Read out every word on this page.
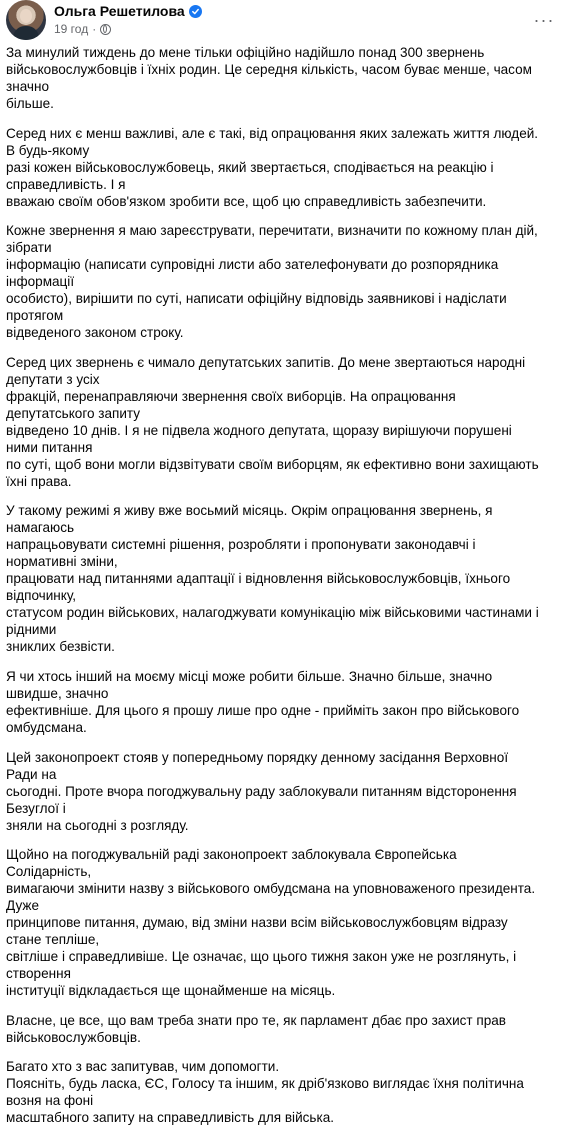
Ольга Решетилова
19 год ·	···

За минулий тиждень до мене тільки офіційно надійшло понад 300 звернень
військовослужбовців і їхніх родин. Це середня кількість, часом буває менше, часом значно
більше.

Серед них є менш важливі, але є такі, від опрацювання яких залежать життя людей. В будь-якому
разі кожен військовослужбовець, який звертається, сподівається на реакцію і справедливість. І я
вважаю своїм обов'язком зробити все, щоб цю справедливість забезпечити.

Кожне звернення я маю зареєструвати, перечитати, визначити по кожному план дій, зібрати
інформацію (написати супровідні листи або зателефонувати до розпорядника інформації
особисто), вирішити по суті, написати офіційну відповідь заявникові і надіслати протягом
відведеного законом строку.

Серед цих звернень є чимало депутатських запитів. До мене звертаються народні депутати з усіх
фракцій, перенаправляючи звернення своїх виборців. На опрацювання депутатського запиту
відведено 10 днів. І я не підвела жодного депутата, щоразу вирішуючи порушені ними питання
по суті, щоб вони могли відзвітувати своїм виборцям, як ефективно вони захищають їхні права.

У такому режимі я живу вже восьмий місяць. Окрім опрацювання звернень, я намагаюсь
напрацьовувати системні рішення, розробляти і пропонувати законодавчі і нормативні зміни,
працювати над питаннями адаптації і відновлення військовослужбовців, їхнього відпочинку,
статусом родин військових, налагоджувати комунікацію між військовими частинами і рідними
зниклих безвісти.

Я чи хтось інший на моєму місці може робити більше. Значно більше, значно швидше, значно
ефективніше. Для цього я прошу лише про одне - прийміть закон про військового омбудсмана.

Цей законопроект стояв у попередньому порядку денному засідання Верховної Ради на
сьогодні. Проте вчора погоджувальну раду заблокували питанням відсторонення Безуглої і
зняли на сьогодні з розгляду.

Щойно на погоджувальній раді законопроект заблокувала Європейська Солідарність,
вимагаючи змінити назву з військового омбудсмана на уповноваженого президента. Дуже
принципове питання, думаю, від зміни назви всім військовослужбовцям відразу стане тепліше,
світліше і справедливіше. Це означає, що цього тижня закон уже не розглянуть, і створення
інституції відкладається ще щонайменше на місяць.

Власне, це все, що вам треба знати про те, як парламент дбає про захист прав
військовослужбовців.

Багато хто з вас запитував, чим допомогти.
Поясніть, будь ласка, ЄС, Голосу та іншим, як дріб'язково виглядає їхня політична возня на фоні
масштабного запиту на справедливість для війська.
